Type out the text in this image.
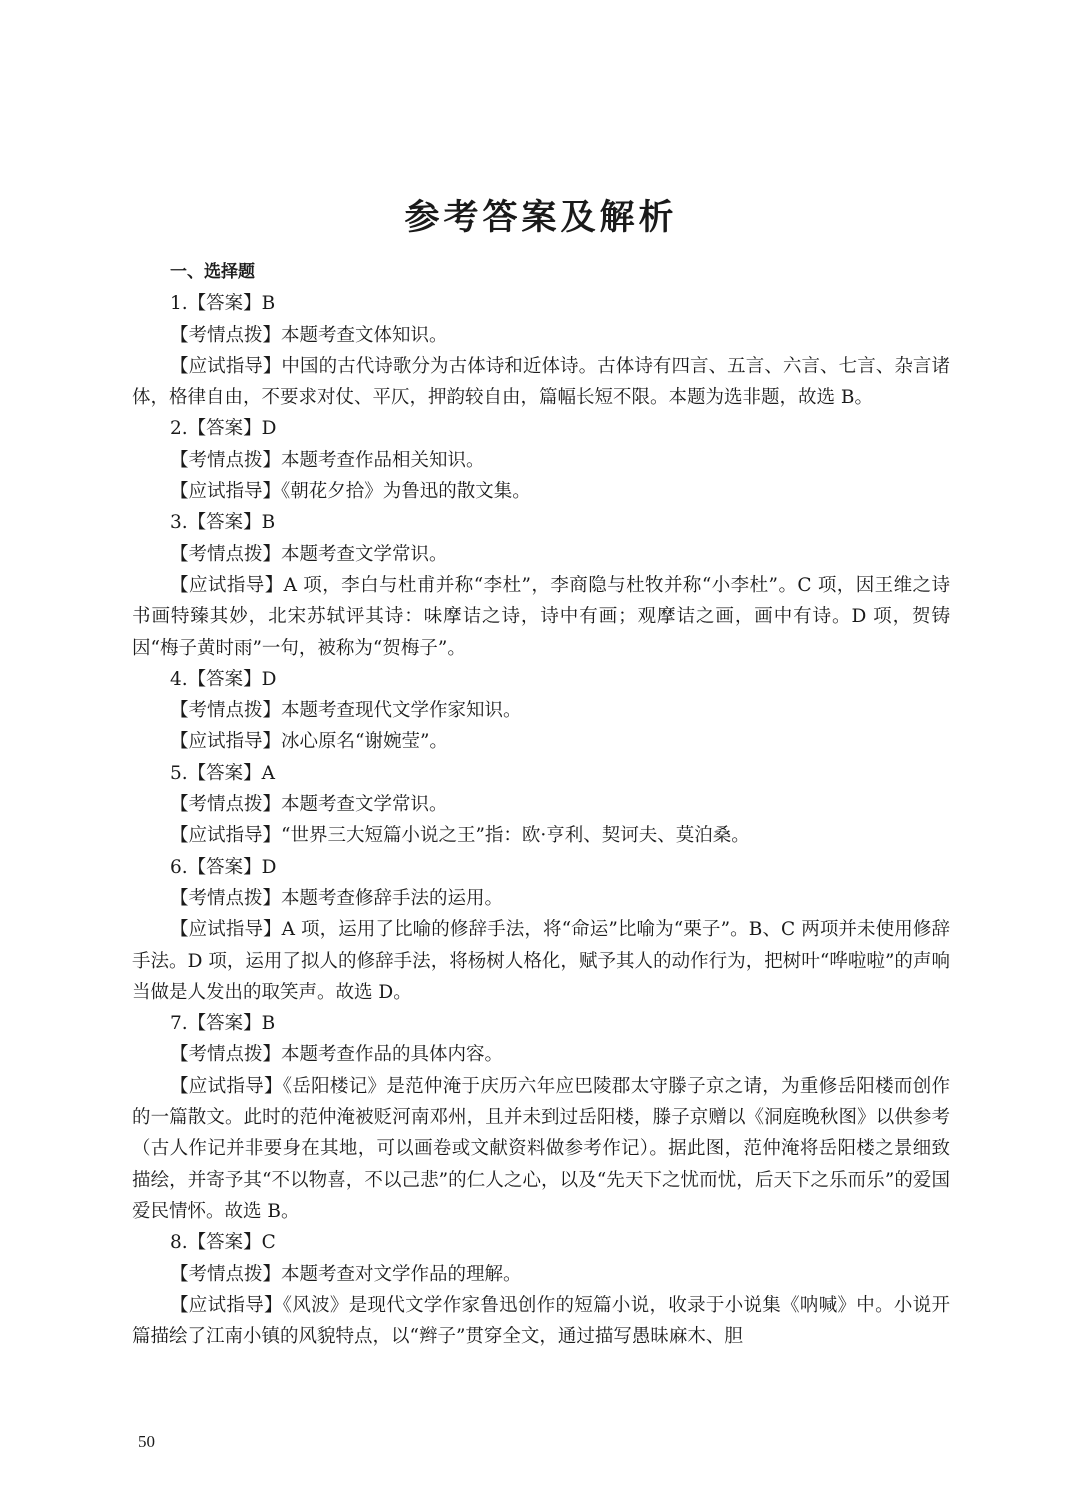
参考答案及解析
一、选择题

1.【答案】B

【考情点拨】本题考查文体知识。

【应试指导】中国的古代诗歌分为古体诗和近体诗。古体诗有四言、五言、六言、七言、杂言诸体，格律自由，不要求对仗、平仄，押韵较自由，篇幅长短不限。本题为选非题，故选 B。

2.【答案】D

【考情点拨】本题考查作品相关知识。

【应试指导】《朝花夕拾》为鲁迅的散文集。

3.【答案】B

【考情点拨】本题考查文学常识。

【应试指导】A 项，李白与杜甫并称“李杜”，李商隐与杜牧并称“小李杜”。C 项，因王维之诗书画特臻其妙，北宋苏轼评其诗：味摩诘之诗，诗中有画；观摩诘之画，画中有诗。D 项，贺铸因“梅子黄时雨”一句，被称为“贺梅子”。

4.【答案】D

【考情点拨】本题考查现代文学作家知识。

【应试指导】冰心原名“谢婉莹”。

5.【答案】A

【考情点拨】本题考查文学常识。

【应试指导】“世界三大短篇小说之王”指：欧·亨利、契诃夫、莫泊桑。

6.【答案】D

【考情点拨】本题考查修辞手法的运用。

【应试指导】A 项，运用了比喻的修辞手法，将“命运”比喻为“栗子”。B、C 两项并未使用修辞手法。D 项，运用了拟人的修辞手法，将杨树人格化，赋予其人的动作行为，把树叶“哗啦啦”的声响当做是人发出的取笑声。故选 D。

7.【答案】B

【考情点拨】本题考查作品的具体内容。

【应试指导】《岳阳楼记》是范仲淹于庆历六年应巴陵郡太守滕子京之请，为重修岳阳楼而创作的一篇散文。此时的范仲淹被贬河南邓州，且并未到过岳阳楼，滕子京赠以《洞庭晚秋图》以供参考（古人作记并非要身在其地，可以画卷或文献资料做参考作记）。据此图，范仲淹将岳阳楼之景细致描绘，并寄予其“不以物喜，不以己悲”的仁人之心，以及“先天下之忧而忧，后天下之乐而乐”的爱国爱民情怀。故选 B。

8.【答案】C

【考情点拨】本题考查对文学作品的理解。

【应试指导】《风波》是现代文学作家鲁迅创作的短篇小说，收录于小说集《呐喊》中。小说开篇描绘了江南小镇的风貌特点，以“辫子”贯穿全文，通过描写愚昧麻木、胆

50
